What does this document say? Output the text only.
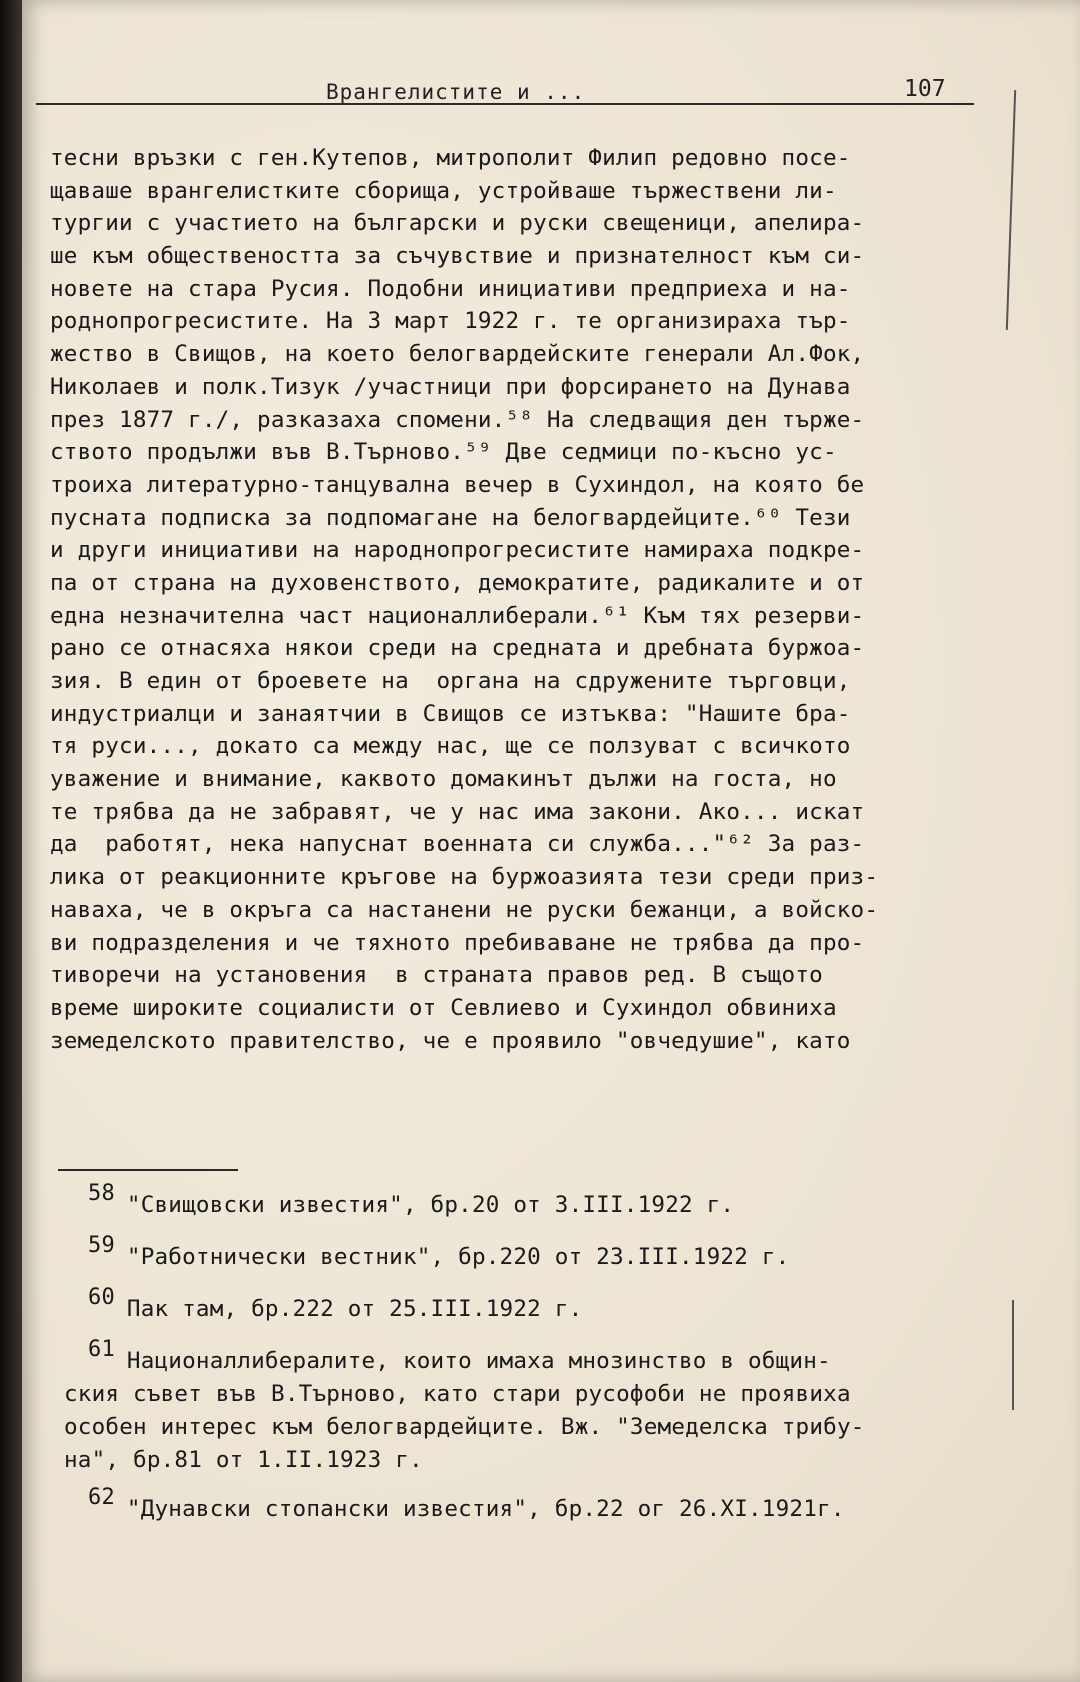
Врангелистите и ...	107
тесни връзки с ген.Кутепов, митрополит Филип редовно посе-
щаваше врангелистките сборища, устройваше тържествени ли-
тургии с участието на български и руски свещеници, апелира-
ше към обществеността за съчувствие и признателност към си-
новете на стара Русия. Подобни инициативи предприеха и на-
роднопрогресистите. На 3 март 1922 г. те организираха тър-
жество в Свищов, на което белогвардейските генерали Ал.Фок,
Николаев и полк.Тизук /участници при форсирането на Дунава
през 1877 г./, разказаха спомени.⁵⁸ На следващия ден търже-
ството продължи във В.Търново.⁵⁹ Две седмици по-късно ус-
троиха литературно-танцувална вечер в Сухиндол, на която бе
пусната подписка за подпомагане на белогвардейците.⁶⁰ Тези
и други инициативи на народнопрогресистите намираха подкре-
па от страна на духовенството, демократите, радикалите и от
една незначителна част националлиберали.⁶¹ Към тях резерви-
рано се отнасяха някои среди на средната и дребната буржоа-
зия. В един от броевете на  органа на сдружените търговци,
индустриалци и занаятчии в Свищов се изтъква: "Нашите бра-
тя руси..., докато са между нас, ще се ползуват с всичкото
уважение и внимание, каквото домакинът дължи на госта, но
те трябва да не забравят, че у нас има закони. Ако... искат
да  работят, нека напуснат военната си служба..."⁶² За раз-
лика от реакционните кръгове на буржоазията тези среди приз-
наваха, че в окръга са настанени не руски бежанци, а войско-
ви подразделения и че тяхното пребиваване не трябва да про-
тиворечи на установения  в страната правов ред. В същото
време широките социалисти от Севлиево и Сухиндол обвиниха
земеделското правителство, че е проявило "овчедушие", като
58 "Свищовски известия", бр.20 от 3.III.1922 г.
59 "Работнически вестник", бр.220 от 23.III.1922 г.
60 Пак там, бр.222 от 25.III.1922 г.
61 Националлибералите, които имаха мнозинство в общин-
ския съвет във В.Търново, като стари русофоби не проявиха
особен интерес към белогвардейците. Вж. "Земеделска трибу-
на", бр.81 от 1.II.1923 г.
62 "Дунавски стопански известия", бр.22 ог 26.XI.1921г.
